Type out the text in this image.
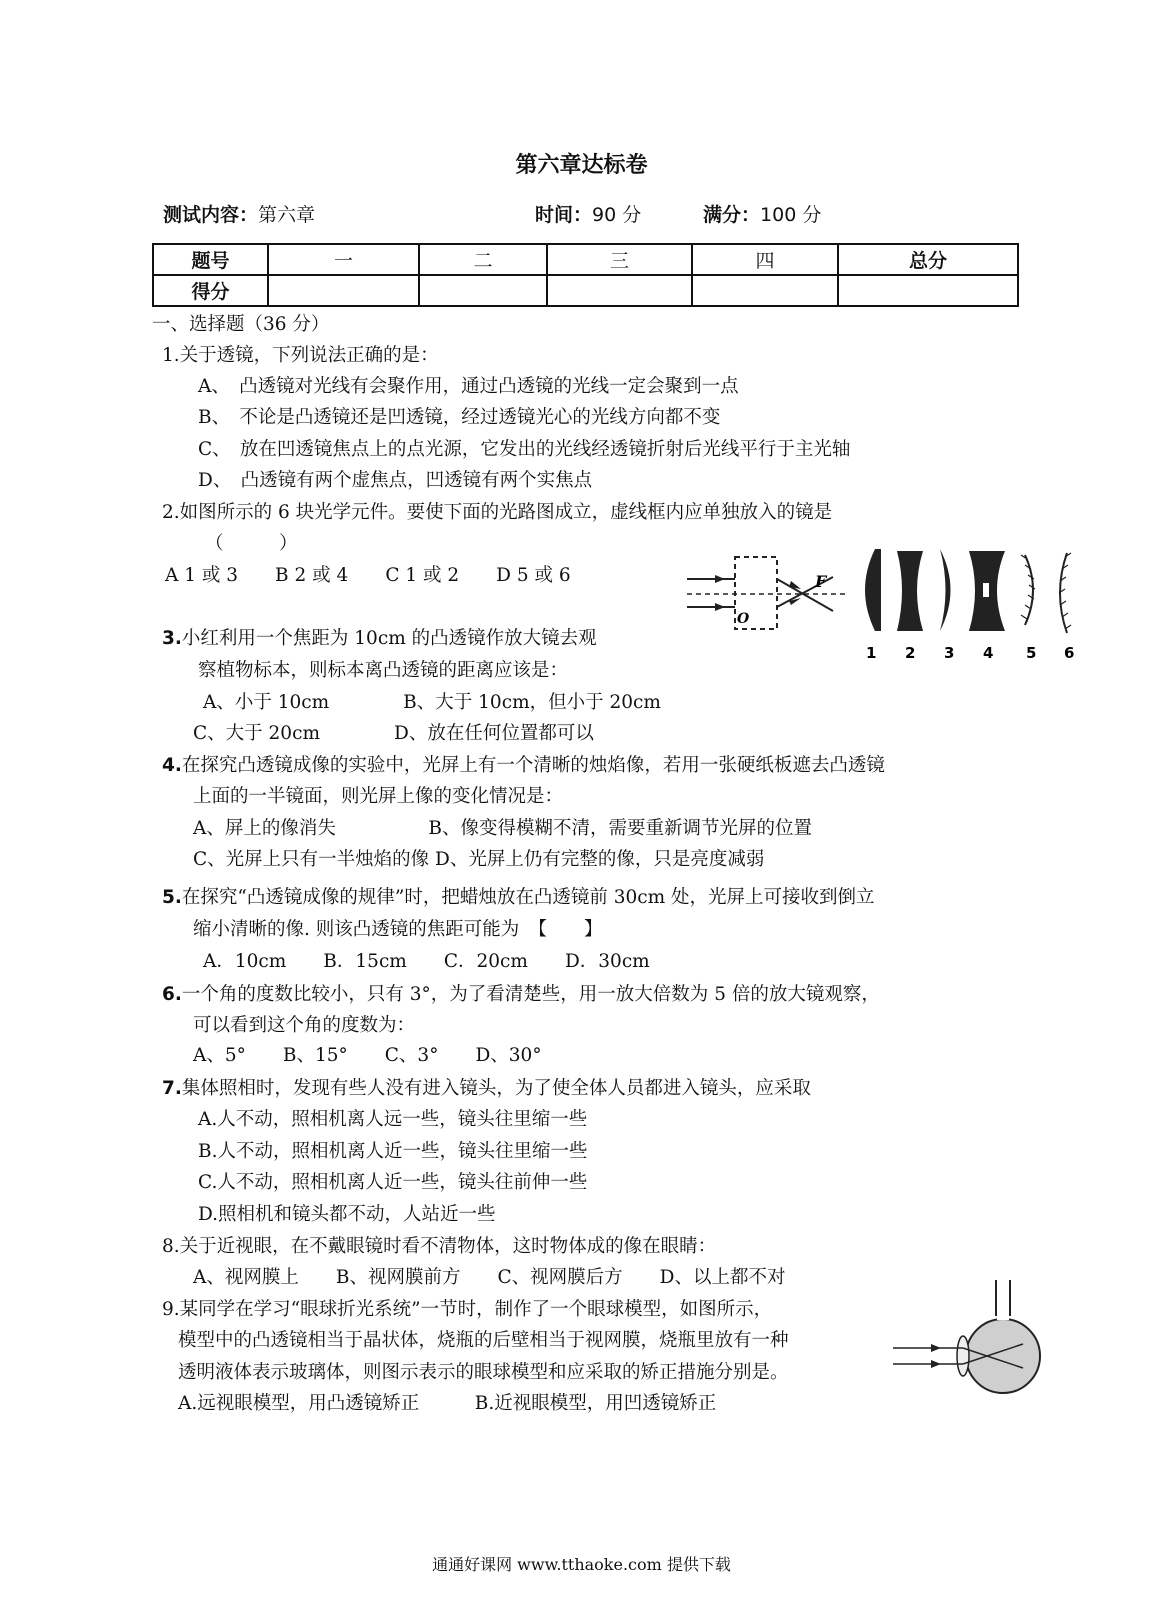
第六章达标卷
测试内容：第六章	时间：90 分	满分：100 分
题号	一	二	三	四	总分
得分					
一、选择题（36 分）
1.关于透镜，下列说法正确的是：
A、　凸透镜对光线有会聚作用，通过凸透镜的光线一定会聚到一点
B、　不论是凸透镜还是凹透镜，经过透镜光心的光线方向都不变
C、　放在凹透镜焦点上的点光源，它发出的光线经透镜折射后光线平行于主光轴
D、　凸透镜有两个虚焦点，凹透镜有两个实焦点
2.如图所示的 6 块光学元件。要使下面的光路图成立，虚线框内应单独放入的镜是
（　　　）
A 1 或 3　　B 2 或 4　　C 1 或 2　　D 5 或 6	F
O
1 2 3 4 5 6
3.小红利用一个焦距为 10cm 的凸透镜作放大镜去观
察植物标本，则标本离凸透镜的距离应该是：
A、小于 10cm　　　　B、大于 10cm，但小于 20cm
C、大于 20cm　　　　D、放在任何位置都可以
4.在探究凸透镜成像的实验中，光屏上有一个清晰的烛焰像，若用一张硬纸板遮去凸透镜
上面的一半镜面，则光屏上像的变化情况是：
A、屏上的像消失　　　　　B、像变得模糊不清，需要重新调节光屏的位置
C、光屏上只有一半烛焰的像 D、光屏上仍有完整的像，只是亮度减弱
5.在探究“凸透镜成像的规律”时，把蜡烛放在凸透镜前 30cm 处，光屏上可接收到倒立
缩小清晰的像. 则该凸透镜的焦距可能为　【　　】
A．10cm　　B．15cm　　C．20cm　　D．30cm
6.一个角的度数比较小，只有 3°，为了看清楚些，用一放大倍数为 5 倍的放大镜观察，
可以看到这个角的度数为：
A、5°　　B、15°　　C、3°　　D、30°
7.集体照相时，发现有些人没有进入镜头，为了使全体人员都进入镜头，应采取
A.人不动，照相机离人远一些，镜头往里缩一些
B.人不动，照相机离人近一些，镜头往里缩一些
C.人不动，照相机离人近一些，镜头往前伸一些
D.照相机和镜头都不动，人站近一些
8.关于近视眼，在不戴眼镜时看不清物体，这时物体成的像在眼睛：
A、视网膜上　　B、视网膜前方　　C、视网膜后方　　D、以上都不对
9.某同学在学习“眼球折光系统”一节时，制作了一个眼球模型，如图所示，
模型中的凸透镜相当于晶状体，烧瓶的后壁相当于视网膜，烧瓶里放有一种
透明液体表示玻璃体，则图示表示的眼球模型和应采取的矫正措施分别是。
A.远视眼模型，用凸透镜矫正　　　B.近视眼模型，用凹透镜矫正
通通好课网 www.tthaoke.com 提供下载
